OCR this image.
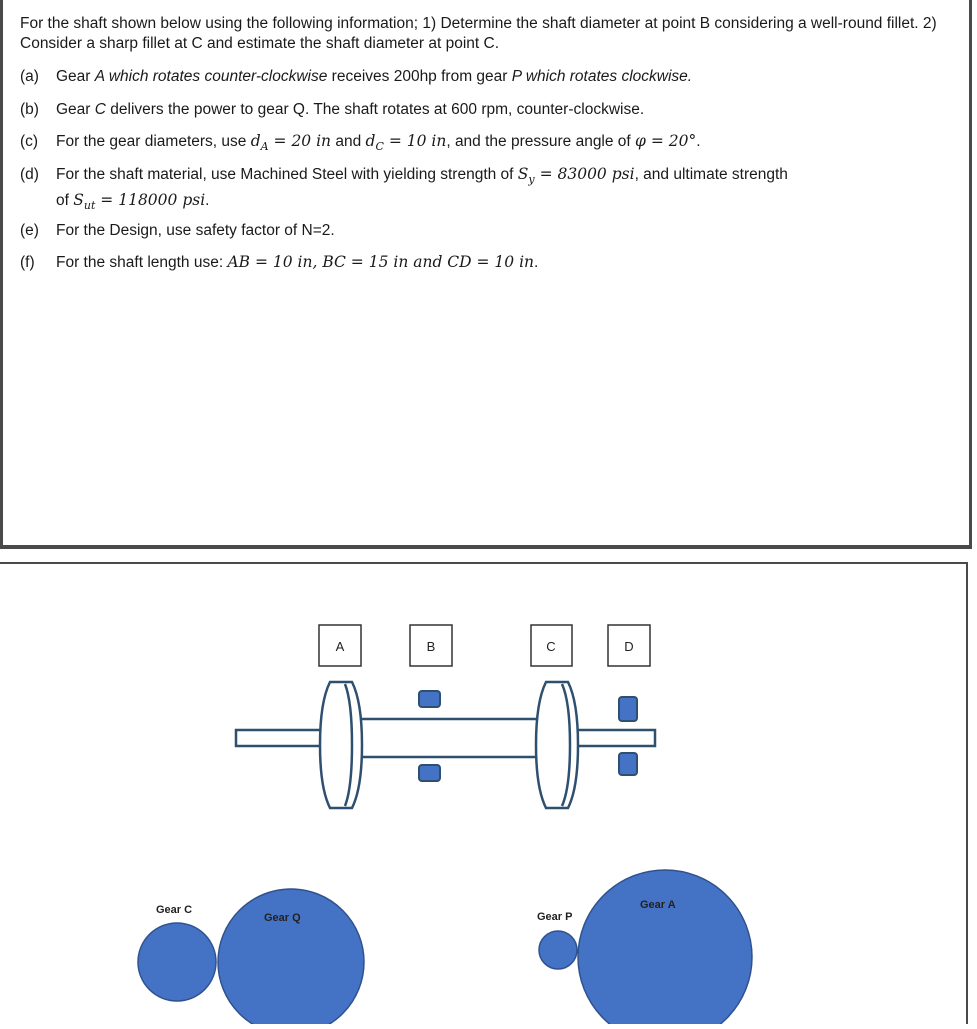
For the shaft shown below using the following information; 1) Determine the shaft diameter at point B considering a well-round fillet. 2) Consider a sharp fillet at C and estimate the shaft diameter at point C.
(a) Gear A which rotates counter-clockwise receives 200hp from gear P which rotates clockwise.
(b) Gear C delivers the power to gear Q. The shaft rotates at 600 rpm, counter-clockwise.
(c) For the gear diameters, use $d_A = 20$ in and $d_C = 10$ in, and the pressure angle of φ = 20°.
(d) For the shaft material, use Machined Steel with yielding strength of $S_y = 83000$ psi, and ultimate strength
of $S_{ut} = 118000$ psi.
(e) For the Design, use safety factor of N=2.
(f) For the shaft length use: AB = 10 in, BC = 15 in and CD = 10 in.
A	B	C	D
Gear C
Gear Q	Gear P
Gear A
